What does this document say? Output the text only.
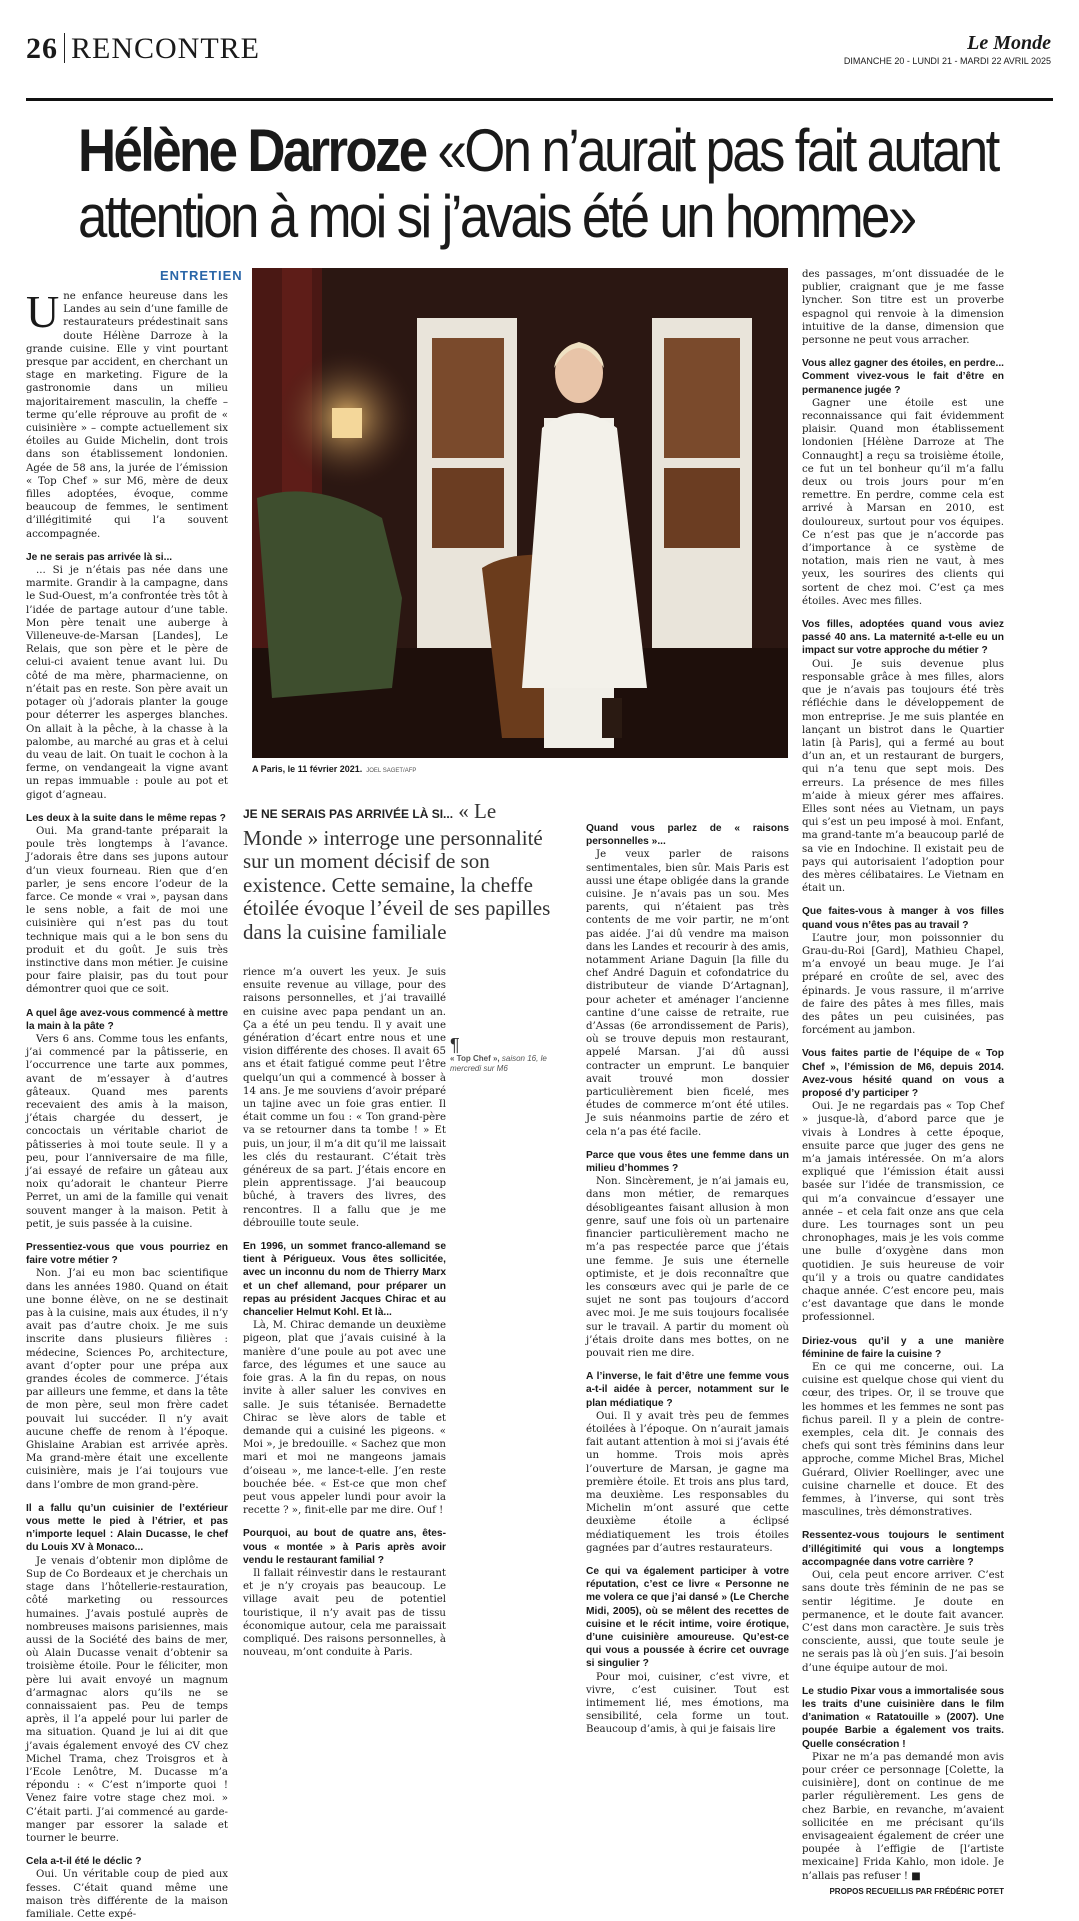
26 RENCONTRE	Le Monde
DIMANCHE 20 - LUNDI 21 - MARDI 22 AVRIL 2025
Hélène Darroze «On n’aurait pas fait autant attention à moi si j’avais été un homme»
ENTRETIEN

Une enfance heureuse dans les Landes au sein d’une famille de restaurateurs prédestinait sans doute Hélène Darroze à la grande cuisine. Elle y vint pourtant presque par accident, en cherchant un stage en marketing. Figure de la gastronomie dans un milieu majoritairement masculin, la cheffe – terme qu’elle réprouve au profit de « cuisinière » – compte actuellement six étoiles au Guide Michelin, dont trois dans son établissement londonien. Agée de 58 ans, la jurée de l’émission « Top Chef » sur M6, mère de deux filles adoptées, évoque, comme beaucoup de femmes, le sentiment d’illégitimité qui l’a souvent accompagnée.

Je ne serais pas arrivée là si...

... Si je n’étais pas née dans une marmite. Grandir à la campagne, dans le Sud-Ouest, m’a confrontée très tôt à l’idée de partage autour d’une table. Mon père tenait une auberge à Villeneuve-de-Marsan [Landes], Le Relais, que son père et le père de celui-ci avaient tenue avant lui. Du côté de ma mère, pharmacienne, on n’était pas en reste. Son père avait un potager où j’adorais planter la gouge pour déterrer les asperges blanches. On allait à la pêche, à la chasse à la palombe, au marché au gras et à celui du veau de lait. On tuait le cochon à la ferme, on vendangeait la vigne avant un repas immuable : poule au pot et gigot d’agneau.

Les deux à la suite dans le même repas ?

Oui. Ma grand-tante préparait la poule très longtemps à l’avance. J’adorais être dans ses jupons autour d’un vieux fourneau. Rien que d’en parler, je sens encore l’odeur de la farce. Ce monde « vrai », paysan dans le sens noble, a fait de moi une cuisinière qui n’est pas du tout technique mais qui a le bon sens du produit et du goût. Je suis très instinctive dans mon métier. Je cuisine pour faire plaisir, pas du tout pour démontrer quoi que ce soit.

A quel âge avez-vous commencé à mettre la main à la pâte ?

Vers 6 ans. Comme tous les enfants, j’ai commencé par la pâtisserie, en l’occurrence une tarte aux pommes, avant de m’essayer à d’autres gâteaux. Quand mes parents recevaient des amis à la maison, j’étais chargée du dessert, je concoctais un véritable chariot de pâtisseries à moi toute seule. Il y a peu, pour l’anniversaire de ma fille, j’ai essayé de refaire un gâteau aux noix qu’adorait le chanteur Pierre Perret, un ami de la famille qui venait souvent manger à la maison. Petit à petit, je suis passée à la cuisine.

Pressentiez-vous que vous pourriez en faire votre métier ?

Non. J’ai eu mon bac scientifique dans les années 1980. Quand on était une bonne élève, on ne se destinait pas à la cuisine, mais aux études, il n’y avait pas d’autre choix. Je me suis inscrite dans plusieurs filières : médecine, Sciences Po, architecture, avant d’opter pour une prépa aux grandes écoles de commerce. J’étais par ailleurs une femme, et dans la tête de mon père, seul mon frère cadet pouvait lui succéder. Il n’y avait aucune cheffe de renom à l’époque. Ghislaine Arabian est arrivée après. Ma grand-mère était une excellente cuisinière, mais je l’ai toujours vue dans l’ombre de mon grand-père.

Il a fallu qu’un cuisinier de l’extérieur vous mette le pied à l’étrier, et pas n’importe lequel : Alain Ducasse, le chef du Louis XV à Monaco...

Je venais d’obtenir mon diplôme de Sup de Co Bordeaux et je cherchais un stage dans l’hôtellerie-restauration, côté marketing ou ressources humaines. J’avais postulé auprès de nombreuses maisons parisiennes, mais aussi de la Société des bains de mer, où Alain Ducasse venait d’obtenir sa troisième étoile. Pour le féliciter, mon père lui avait envoyé un magnum d’armagnac alors qu’ils ne se connaissaient pas. Peu de temps après, il l’a appelé pour lui parler de ma situation. Quand je lui ai dit que j’avais également envoyé des CV chez Michel Trama, chez Troisgros et à l’Ecole Lenôtre, M. Ducasse m’a répondu : « C’est n’importe quoi ! Venez faire votre stage chez moi. » C’était parti. J’ai commencé au garde-manger par essorer la salade et tourner le beurre.

Cela a-t-il été le déclic ?

Oui. Un véritable coup de pied aux fesses. C’était quand même une maison très différente de la maison familiale. Cette expé-

A Paris, le 11 février 2021. JOEL SAGET/AFP
JE NE SERAIS PAS ARRIVÉE LÀ SI... « Le Monde » interroge une personnalité sur un moment décisif de son existence. Cette semaine, la cheffe étoilée évoque l’éveil de ses papilles dans la cuisine familiale
¶
« Top Chef », saison 16, le mercredi sur M6

rience m’a ouvert les yeux. Je suis ensuite revenue au village, pour des raisons personnelles, et j’ai travaillé en cuisine avec papa pendant un an. Ça a été un peu tendu. Il y avait une génération d’écart entre nous et une vision différente des choses. Il avait 65 ans et était fatigué comme peut l’être quelqu’un qui a commencé à bosser à 14 ans. Je me souviens d’avoir préparé un tajine avec un foie gras entier. Il était comme un fou : « Ton grand-père va se retourner dans ta tombe ! » Et puis, un jour, il m’a dit qu’il me laissait les clés du restaurant. C’était très généreux de sa part. J’étais encore en plein apprentissage. J’ai beaucoup bûché, à travers des livres, des rencontres. Il a fallu que je me débrouille toute seule.

En 1996, un sommet franco-allemand se tient à Périgueux. Vous êtes sollicitée, avec un inconnu du nom de Thierry Marx et un chef allemand, pour préparer un repas au président Jacques Chirac et au chancelier Helmut Kohl. Et là...

Là, M. Chirac demande un deuxième pigeon, plat que j’avais cuisiné à la manière d’une poule au pot avec une farce, des légumes et une sauce au foie gras. A la fin du repas, on nous invite à aller saluer les convives en salle. Je suis tétanisée. Bernadette Chirac se lève alors de table et demande qui a cuisiné les pigeons. « Moi », je bredouille. « Sachez que mon mari et moi ne mangeons jamais d’oiseau », me lance-t-elle. J’en reste bouchée bée. « Est-ce que mon chef peut vous appeler lundi pour avoir la recette ? », finit-elle par me dire. Ouf !

Pourquoi, au bout de quatre ans, êtes-vous « montée » à Paris après avoir vendu le restaurant familial ?

Il fallait réinvestir dans le restaurant et je n’y croyais pas beaucoup. Le village avait peu de potentiel touristique, il n’y avait pas de tissu économique autour, cela me paraissait compliqué. Des raisons personnelles, à nouveau, m’ont conduite à Paris.

Quand vous parlez de « raisons personnelles »...

Je veux parler de raisons sentimentales, bien sûr. Mais Paris est aussi une étape obligée dans la grande cuisine. Je n’avais pas un sou. Mes parents, qui n’étaient pas très contents de me voir partir, ne m’ont pas aidée. J’ai dû vendre ma maison dans les Landes et recourir à des amis, notamment Ariane Daguin [la fille du chef André Daguin et cofondatrice du distributeur de viande D’Artagnan], pour acheter et aménager l’ancienne cantine d’une caisse de retraite, rue d’Assas (6e arrondissement de Paris), où se trouve depuis mon restaurant, appelé Marsan. J’ai dû aussi contracter un emprunt. Le banquier avait trouvé mon dossier particulièrement bien ficelé, mes études de commerce m’ont été utiles. Je suis néanmoins partie de zéro et cela n’a pas été facile.

Parce que vous êtes une femme dans un milieu d’hommes ?

Non. Sincèrement, je n’ai jamais eu, dans mon métier, de remarques désobligeantes faisant allusion à mon genre, sauf une fois où un partenaire financier particulièrement macho ne m’a pas respectée parce que j’étais une femme. Je suis une éternelle optimiste, et je dois reconnaître que les consœurs avec qui je parle de ce sujet ne sont pas toujours d’accord avec moi. Je me suis toujours focalisée sur le travail. A partir du moment où j’étais droite dans mes bottes, on ne pouvait rien me dire.

A l’inverse, le fait d’être une femme vous a-t-il aidée à percer, notamment sur le plan médiatique ?

Oui. Il y avait très peu de femmes étoilées à l’époque. On n’aurait jamais fait autant attention à moi si j’avais été un homme. Trois mois après l’ouverture de Marsan, je gagne ma première étoile. Et trois ans plus tard, ma deuxième. Les responsables du Michelin m’ont assuré que cette deuxième étoile a éclipsé médiatiquement les trois étoiles gagnées par d’autres restaurateurs.

Ce qui va également participer à votre réputation, c’est ce livre « Personne ne me volera ce que j’ai dansé » (Le Cherche Midi, 2005), où se mêlent des recettes de cuisine et le récit intime, voire érotique, d’une cuisinière amoureuse. Qu’est-ce qui vous a poussée à écrire cet ouvrage si singulier ?

Pour moi, cuisiner, c’est vivre, et vivre, c’est cuisiner. Tout est intimement lié, mes émotions, ma sensibilité, cela forme un tout. Beaucoup d’amis, à qui je faisais lire

des passages, m’ont dissuadée de le publier, craignant que je me fasse lyncher. Son titre est un proverbe espagnol qui renvoie à la dimension intuitive de la danse, dimension que personne ne peut vous arracher.

Vous allez gagner des étoiles, en perdre... Comment vivez-vous le fait d’être en permanence jugée ?

Gagner une étoile est une reconnaissance qui fait évidemment plaisir. Quand mon établissement londonien [Hélène Darroze at The Connaught] a reçu sa troisième étoile, ce fut un tel bonheur qu’il m’a fallu deux ou trois jours pour m’en remettre. En perdre, comme cela est arrivé à Marsan en 2010, est douloureux, surtout pour vos équipes. Ce n’est pas que je n’accorde pas d’importance à ce système de notation, mais rien ne vaut, à mes yeux, les sourires des clients qui sortent de chez moi. C’est ça mes étoiles. Avec mes filles.

Vos filles, adoptées quand vous aviez passé 40 ans. La maternité a-t-elle eu un impact sur votre approche du métier ?

Oui. Je suis devenue plus responsable grâce à mes filles, alors que je n’avais pas toujours été très réfléchie dans le développement de mon entreprise. Je me suis plantée en lançant un bistrot dans le Quartier latin [à Paris], qui a fermé au bout d’un an, et un restaurant de burgers, qui n’a tenu que sept mois. Des erreurs. La présence de mes filles m’aide à mieux gérer mes affaires. Elles sont nées au Vietnam, un pays qui s’est un peu imposé à moi. Enfant, ma grand-tante m’a beaucoup parlé de sa vie en Indochine. Il existait peu de pays qui autorisaient l’adoption pour des mères célibataires. Le Vietnam en était un.

Que faites-vous à manger à vos filles quand vous n’êtes pas au travail ?

L’autre jour, mon poissonnier du Grau-du-Roi [Gard], Mathieu Chapel, m’a envoyé un beau muge. Je l’ai préparé en croûte de sel, avec des épinards. Je vous rassure, il m’arrive de faire des pâtes à mes filles, mais des pâtes un peu cuisinées, pas forcément au jambon.

Vous faites partie de l’équipe de « Top Chef », l’émission de M6, depuis 2014. Avez-vous hésité quand on vous a proposé d’y participer ?

Oui. Je ne regardais pas « Top Chef » jusque-là, d’abord parce que je vivais à Londres à cette époque, ensuite parce que juger des gens ne m’a jamais intéressée. On m’a alors expliqué que l’émission était aussi basée sur l’idée de transmission, ce qui m’a convaincue d’essayer une année – et cela fait onze ans que cela dure. Les tournages sont un peu chronophages, mais je les vois comme une bulle d’oxygène dans mon quotidien. Je suis heureuse de voir qu’il y a trois ou quatre candidates chaque année. C’est encore peu, mais c’est davantage que dans le monde professionnel.

Diriez-vous qu’il y a une manière féminine de faire la cuisine ?

En ce qui me concerne, oui. La cuisine est quelque chose qui vient du cœur, des tripes. Or, il se trouve que les hommes et les femmes ne sont pas fichus pareil. Il y a plein de contre-exemples, cela dit. Je connais des chefs qui sont très féminins dans leur approche, comme Michel Bras, Michel Guérard, Olivier Roellinger, avec une cuisine charnelle et douce. Et des femmes, à l’inverse, qui sont très masculines, très démonstratives.

Ressentez-vous toujours le sentiment d’illégitimité qui vous a longtemps accompagnée dans votre carrière ?

Oui, cela peut encore arriver. C’est sans doute très féminin de ne pas se sentir légitime. Je doute en permanence, et le doute fait avancer. C’est dans mon caractère. Je suis très consciente, aussi, que toute seule je ne serais pas là où j’en suis. J’ai besoin d’une équipe autour de moi.

Le studio Pixar vous a immortalisée sous les traits d’une cuisinière dans le film d’animation « Ratatouille » (2007). Une poupée Barbie a également vos traits. Quelle consécration !

Pixar ne m’a pas demandé mon avis pour créer ce personnage [Colette, la cuisinière], dont on continue de me parler régulièrement. Les gens de chez Barbie, en revanche, m’avaient sollicitée en me précisant qu’ils envisageaient également de créer une poupée à l’effigie de [l’artiste mexicaine] Frida Kahlo, mon idole. Je n’allais pas refuser ! ■

PROPOS RECUEILLIS PAR FRÉDÉRIC POTET
